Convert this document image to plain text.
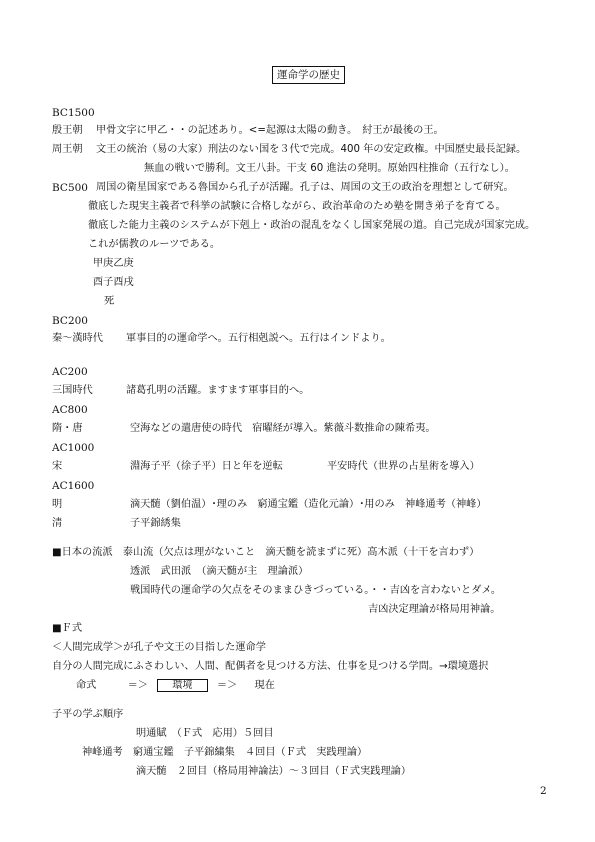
運命学の歴史
BC1500
殷王朝 甲骨文字に甲乙・・の記述あり。<=起源は太陽の動き。　紂王が最後の王。
周王朝 文王の統治（易の大家）刑法のない国を３代で完成。400 年の安定政権。中国歴史最長記録。
無血の戦いで勝利。文王八卦。干支 60 進法の発明。原始四柱推命（五行なし）。
BC500 周国の衛星国家である魯国から孔子が活躍。孔子は、周国の文王の政治を理想として研究。
徹底した現実主義者で科挙の試験に合格しながら、政治革命のため塾を開き弟子を育てる。
徹底した能力主義のシステムが下剋上・政治の混乱をなくし国家発展の道。自己完成が国家完成。
これが儒教のルーツである。
甲庚乙庚
酉子酉戌
死
BC200
秦～漢時代 軍事目的の運命学へ。五行相剋説へ。五行はインドより。
AC200
三国時代	諸葛孔明の活躍。ますます軍事目的へ。
AC800
隋・唐	空海などの遣唐使の時代　宿曜経が導入。紫薇斗数推命の陳希夷。
AC1000
宋	淵海子平（徐子平）日と年を逆転	平安時代（世界の占星術を導入）
AC1600
明	滴天髄（劉伯温）･理のみ　窮通宝鑑（造化元論）･用のみ　神峰通考（神峰）
清	子平錦綉集
■日本の流派　泰山流（欠点は理がないこと　滴天髄を読まずに死）高木派（十干を言わず）
透派　武田派　（滴天髄が主　理論派）
戦国時代の運命学の欠点をそのままひきづっている。・・吉凶を言わないとダメ。
吉凶決定理論が格局用神論。
■Ｆ式
＜人間完成学＞が孔子や文王の目指した運命学
自分の人間完成にふさわしい、人間、配偶者を見つける方法、仕事を見つける学問。→環境選択
命式	＝＞ 環境 ＝＞ 現在
子平の学ぶ順序
明通賦　（Ｆ式　応用）５回目
神峰通考　窮通宝鑑　子平錦繍集　４回目（Ｆ式　実践理論）
滴天髄　２回目（格局用神論法）～３回目（Ｆ式実践理論）
2
